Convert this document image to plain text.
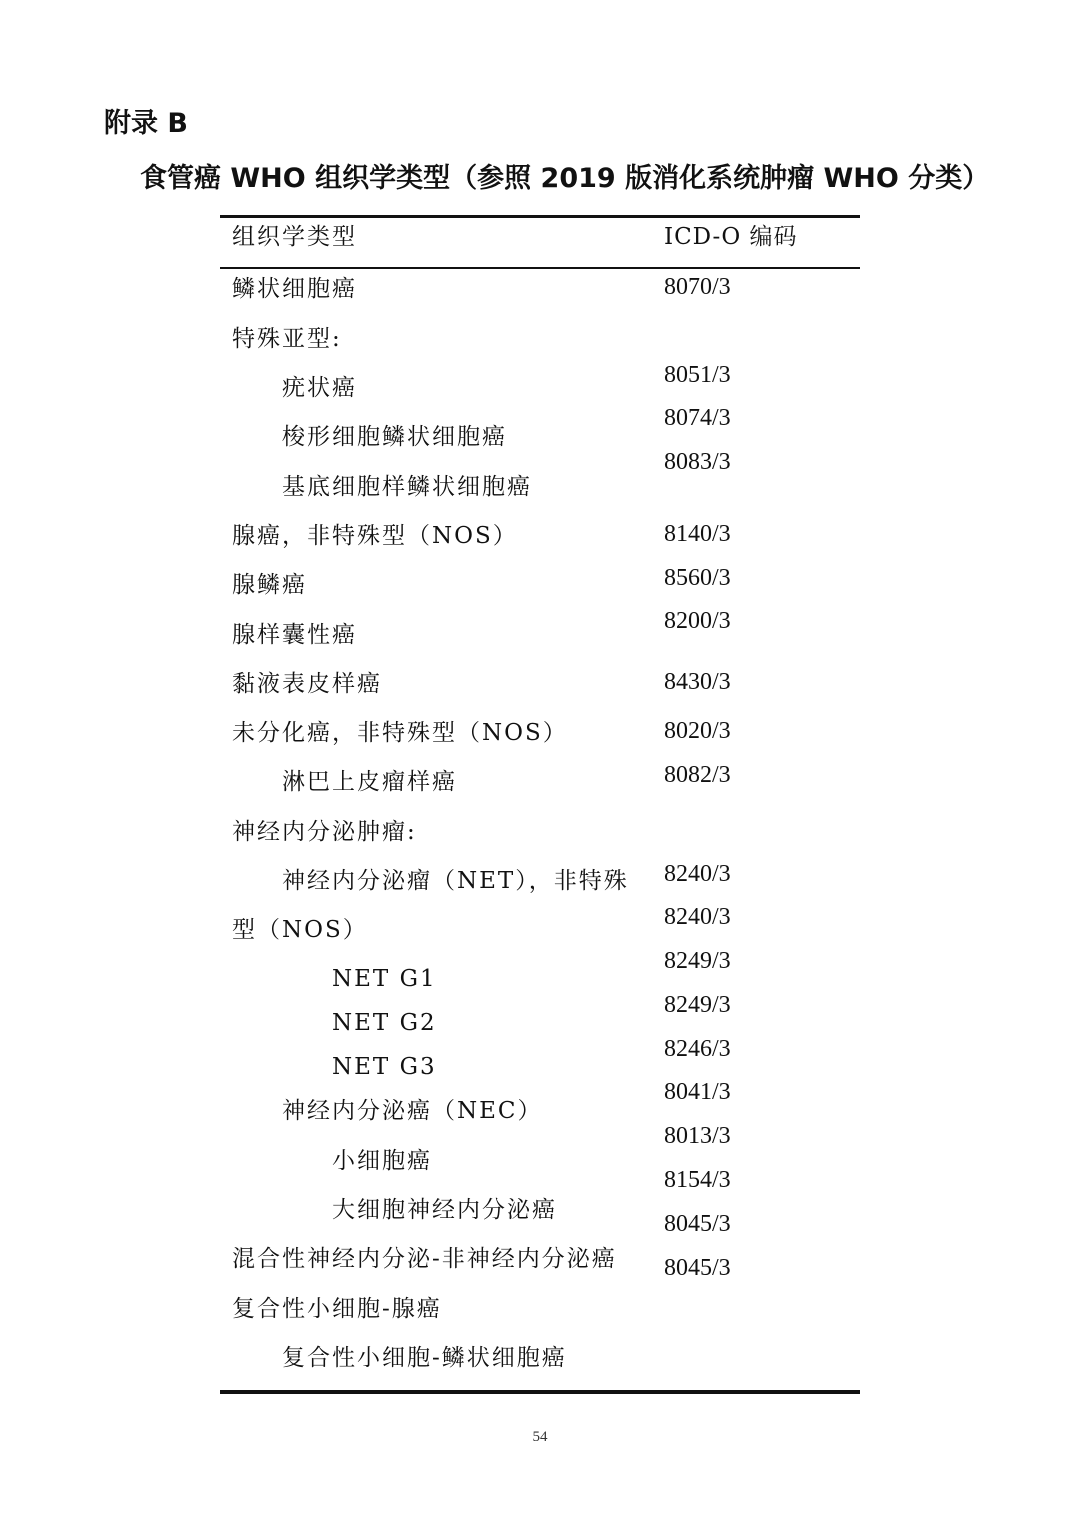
附录 B
食管癌 WHO 组织学类型（参照 2019 版消化系统肿瘤 WHO 分类）
组织学类型	ICD-O 编码
鳞状细胞癌
特殊亚型:
疣状癌
梭形细胞鳞状细胞癌
基底细胞样鳞状细胞癌
腺癌，非特殊型（NOS）
腺鳞癌
腺样囊性癌
黏液表皮样癌
未分化癌，非特殊型（NOS）
淋巴上皮瘤样癌
神经内分泌肿瘤:
神经内分泌瘤（NET），非特殊
型（NOS）
NET G1
NET G2
NET G3
神经内分泌癌（NEC）
小细胞癌
大细胞神经内分泌癌
混合性神经内分泌-非神经内分泌癌
复合性小细胞-腺癌
复合性小细胞-鳞状细胞癌
8070/3
8051/3
8074/3
8083/3
8140/3
8560/3
8200/3
8430/3
8020/3
8082/3
8240/3
8240/3
8249/3
8249/3
8246/3
8041/3
8013/3
8154/3
8045/3
8045/3
54
